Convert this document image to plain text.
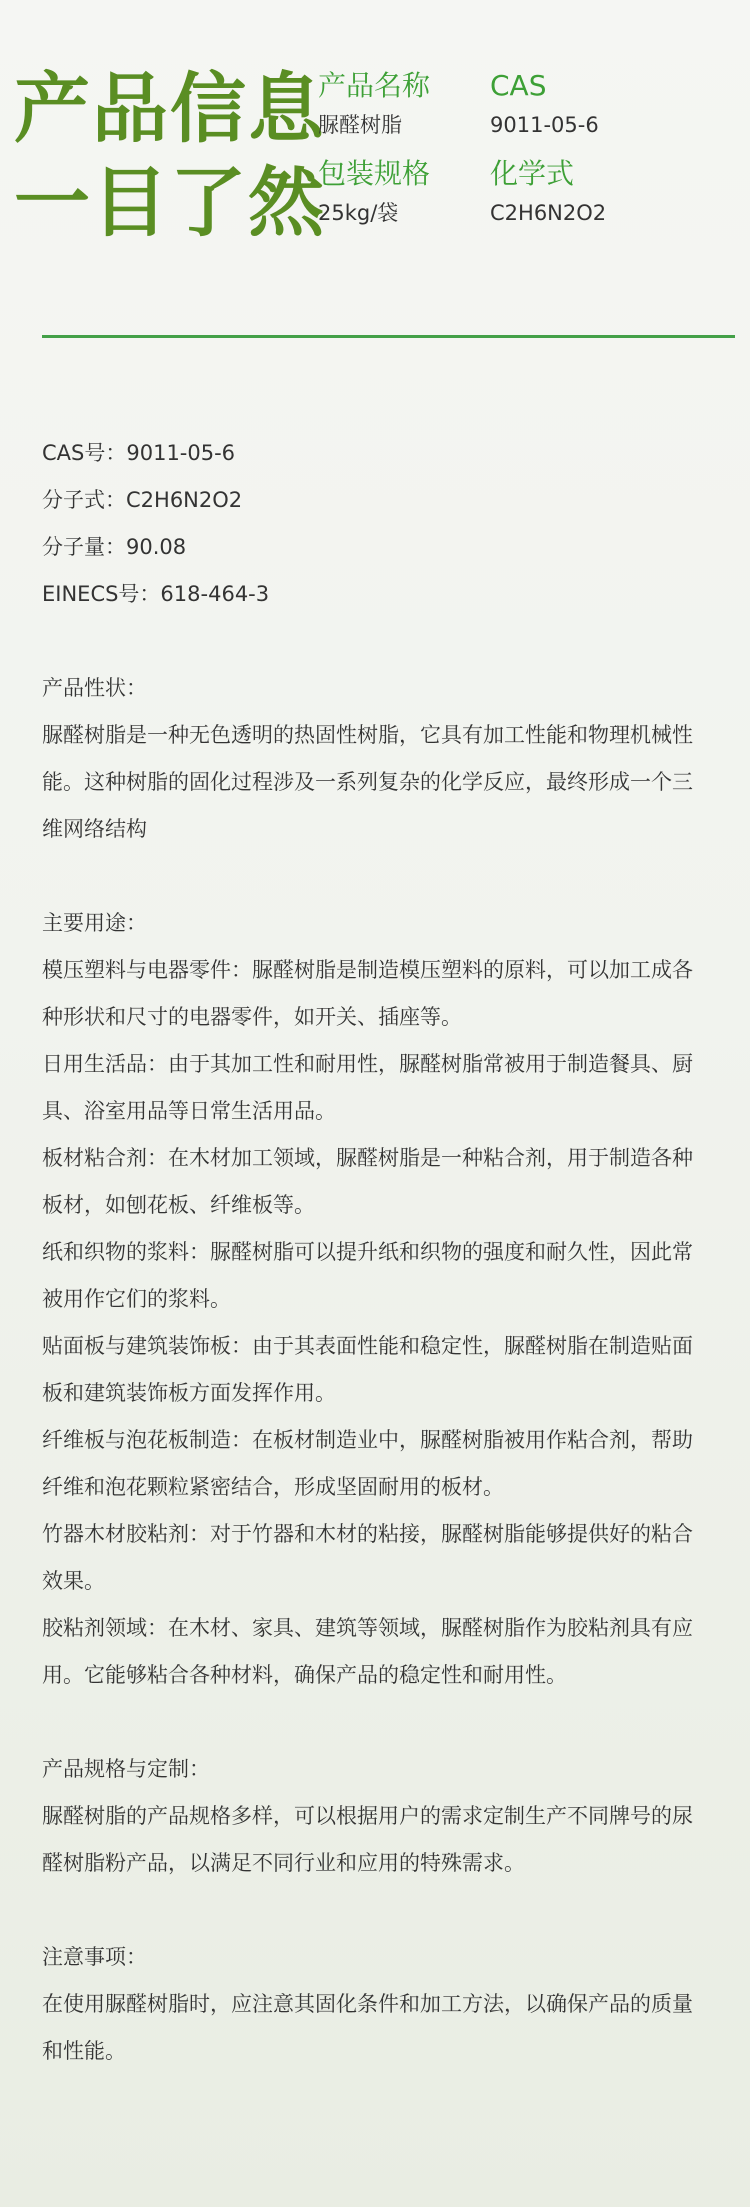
产品信息
一目了然
产品名称
脲醛树脂
CAS
9011-05-6
包装规格
25kg/袋
化学式
C2H6N2O2

CAS号：9011-05-6

分子式：C2H6N2O2

分子量：90.08

EINECS号：618-464-3

产品性状：

脲醛树脂是一种无色透明的热固性树脂，它具有加工性能和物理机械性能。这种树脂的固化过程涉及一系列复杂的化学反应，最终形成一个三维网络结构

主要用途：

模压塑料与电器零件：脲醛树脂是制造模压塑料的原料，可以加工成各种形状和尺寸的电器零件，如开关、插座等。

日用生活品：由于其加工性和耐用性，脲醛树脂常被用于制造餐具、厨具、浴室用品等日常生活用品。

板材粘合剂：在木材加工领域，脲醛树脂是一种粘合剂，用于制造各种板材，如刨花板、纤维板等。

纸和织物的浆料：脲醛树脂可以提升纸和织物的强度和耐久性，因此常被用作它们的浆料。

贴面板与建筑装饰板：由于其表面性能和稳定性，脲醛树脂在制造贴面板和建筑装饰板方面发挥作用。

纤维板与泡花板制造：在板材制造业中，脲醛树脂被用作粘合剂，帮助纤维和泡花颗粒紧密结合，形成坚固耐用的板材。

竹器木材胶粘剂：对于竹器和木材的粘接，脲醛树脂能够提供好的粘合效果。

胶粘剂领域：在木材、家具、建筑等领域，脲醛树脂作为胶粘剂具有应用。它能够粘合各种材料，确保产品的稳定性和耐用性。

产品规格与定制：

脲醛树脂的产品规格多样，可以根据用户的需求定制生产不同牌号的尿醛树脂粉产品，以满足不同行业和应用的特殊需求。

注意事项：

在使用脲醛树脂时，应注意其固化条件和加工方法，以确保产品的质量和性能。
